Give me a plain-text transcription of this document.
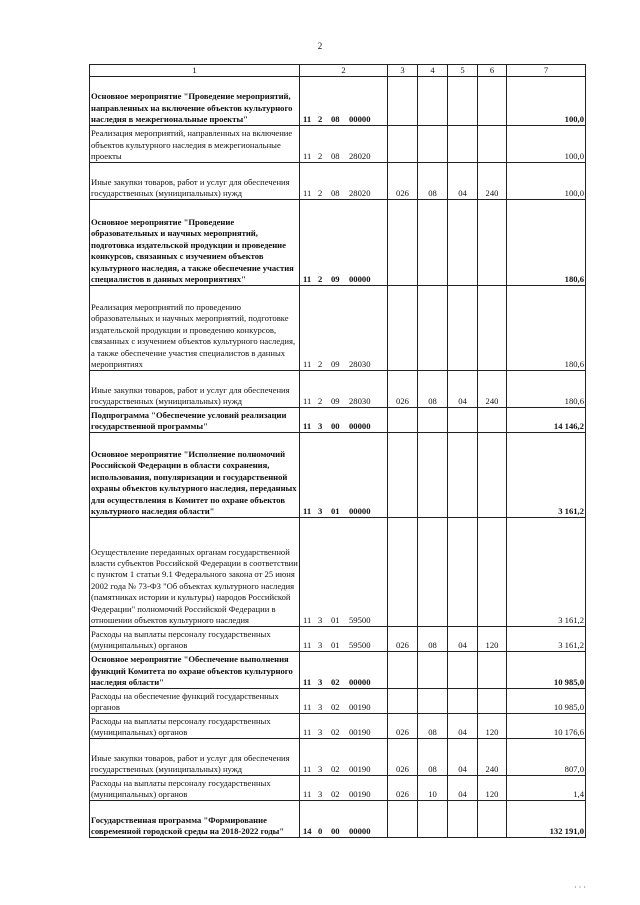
2
1	2	3	4	5	6	7
Основное мероприятие "Проведение мероприятий, направленных на включение объектов культурного наследия в межрегиональные проекты"	11 2 08 00000					100,0
Реализация мероприятий, направленных на включение объектов культурного наследия в межрегиональные проекты	11 2 08 28020					100,0
Иные закупки товаров, работ и услуг для обеспечения государственных (муниципальных) нужд	11 2 08 28020	026	08	04	240	100,0
Основное мероприятие "Проведение образовательных и научных мероприятий, подготовка издательской продукции и проведение конкурсов, связанных с изучением объектов культурного наследия, а также обеспечение участия специалистов в данных мероприятиях"	11 2 09 00000					180,6
Реализация мероприятий по проведению образовательных и научных мероприятий, подготовке издательской продукции и проведению конкурсов, связанных с изучением объектов культурного наследия, а также обеспечение участия специалистов в данных мероприятиях	11 2 09 28030					180,6
Иные закупки товаров, работ и услуг для обеспечения государственных (муниципальных) нужд	11 2 09 28030	026	08	04	240	180,6
Подпрограмма "Обеспечение условий реализации государственной программы"	11 3 00 00000					14 146,2
Основное мероприятие "Исполнение полномочий Российской Федерации в области сохранения, использования, популяризации и государственной охраны объектов культурного наследия, переданных для осуществления в Комитет по охране объектов культурного наследия области"	11 3 01 00000					3 161,2
Осуществление переданных органам государственной власти субъектов Российской Федерации в соответствии с пунктом 1 статьи 9.1 Федерального закона от 25 июня 2002 года № 73-ФЗ "Об объектах культурного наследия (памятниках истории и культуры) народов Российской Федерации" полномочий Российской Федерации в отношении объектов культурного наследия	11 3 01 59500					3 161,2
Расходы на выплаты персоналу государственных (муниципальных) органов	11 3 01 59500	026	08	04	120	3 161,2
Основное мероприятие "Обеспечение выполнения функций Комитета по охране объектов культурного наследия области"	11 3 02 00000					10 985,0
Расходы на обеспечение функций государственных органов	11 3 02 00190					10 985,0
Расходы на выплаты персоналу государственных (муниципальных) органов	11 3 02 00190	026	08	04	120	10 176,6
Иные закупки товаров, работ и услуг для обеспечения государственных (муниципальных) нужд	11 3 02 00190	026	08	04	240	807,0
Расходы на выплаты персоналу государственных (муниципальных) органов	11 3 02 00190	026	10	04	120	1,4
Государственная программа "Формирование современной городской среды на 2018-2022 годы"	14 0 00 00000					132 191,0
· · ·
